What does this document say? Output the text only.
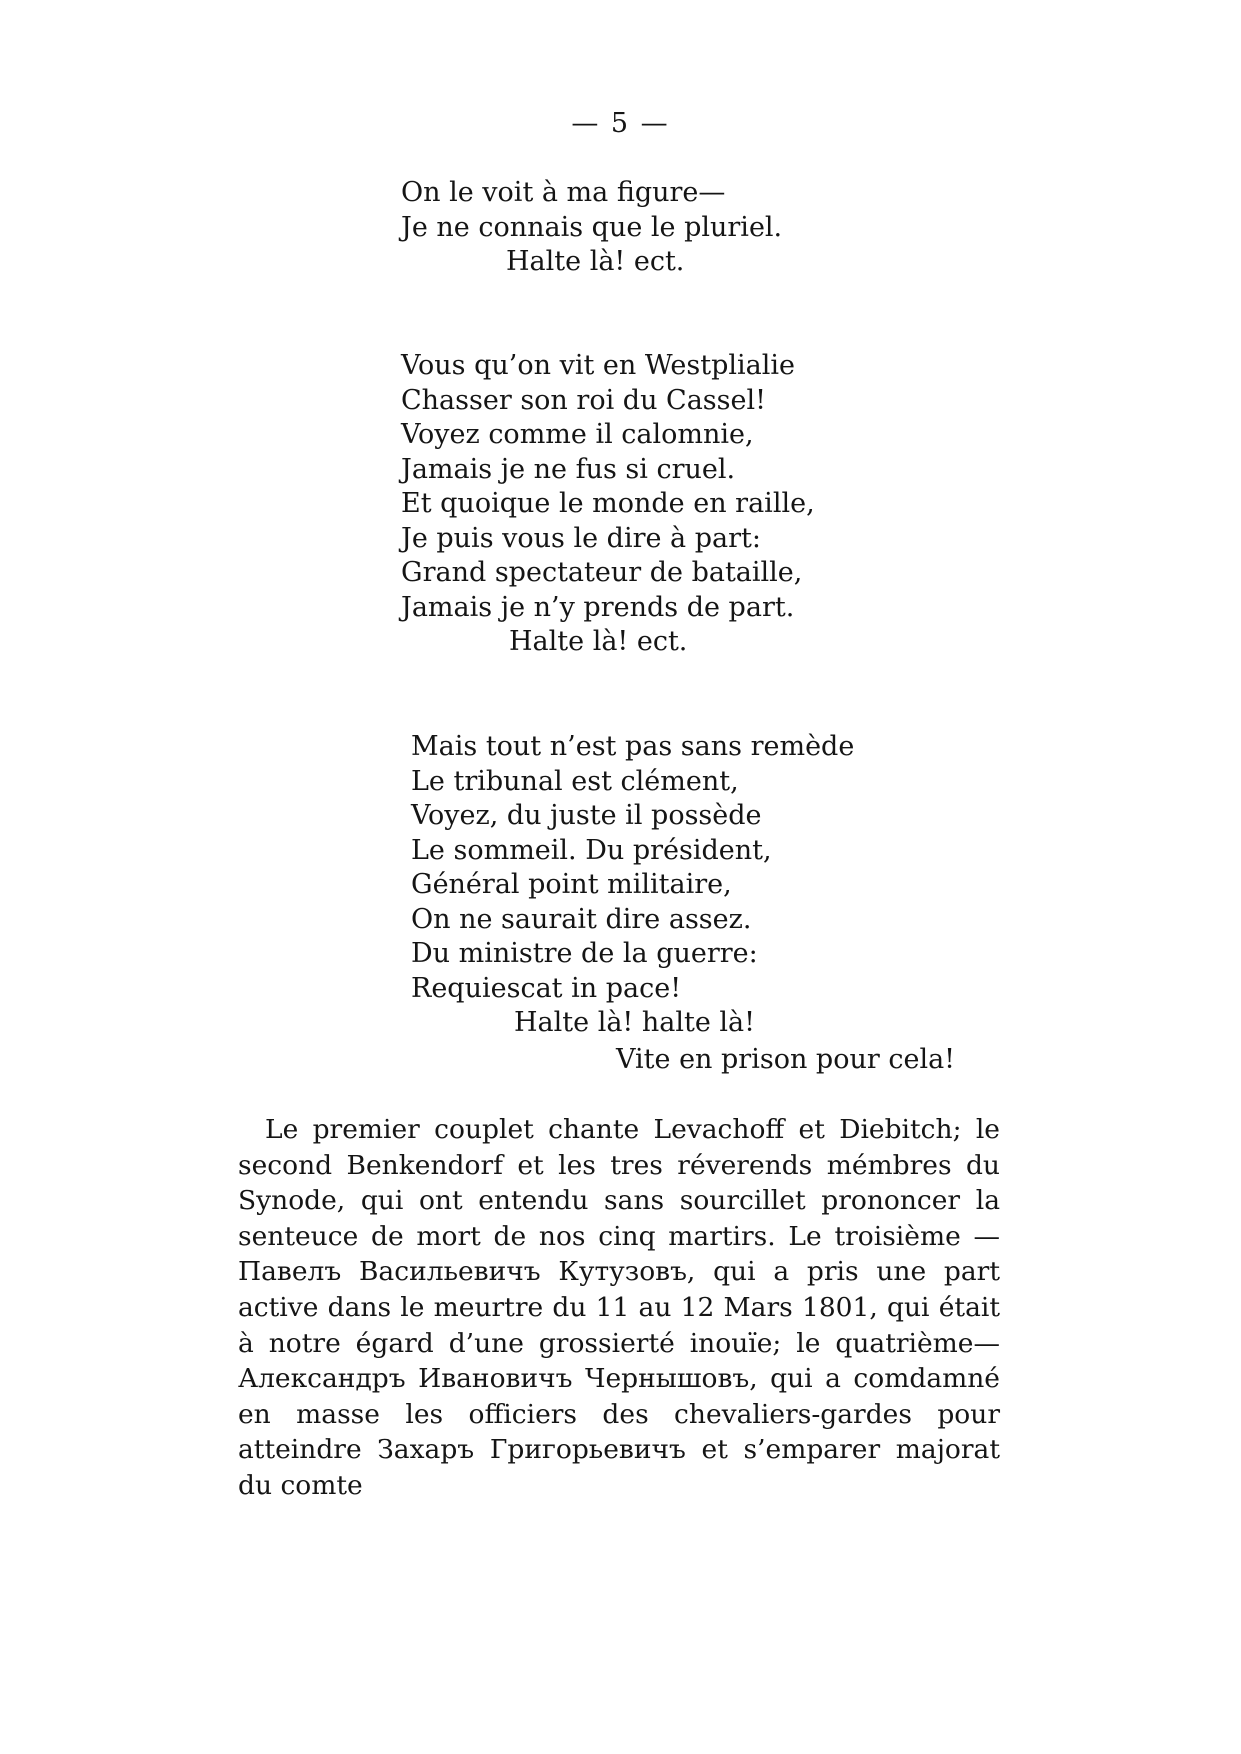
— 5 —
On le voit à ma figure—
Je ne connais que le pluriel.
Halte là! ect.
Vous qu’on vit en Westplialie
Chasser son roi du Cassel!
Voyez comme il calomnie,
Jamais je ne fus si cruel.
Et quoique le monde en raille,
Je puis vous le dire à part:
Grand spectateur de bataille,
Jamais je n’y prends de part.
Halte là! ect.
Mais tout n’est pas sans remède
Le tribunal est clément,
Voyez, du juste il possède
Le sommeil. Du président,
Général point militaire,
On ne saurait dire assez.
Du ministre de la guerre:
Requiescat in pace!
Halte là! halte là!
Vite en prison pour cela!

Le premier couplet chante Levachoff et Diebitch; le second Benkendorf et les tres réverends mémbres du Synode, qui ont entendu sans sourcillet prononcer la senteuce de mort de nos cinq martirs. Le troisième — Павелъ Васильевичъ Кутузовъ, qui a pris une part active dans le meurtre du 11 au 12 Mars 1801, qui était à notre égard d’une grossierté inouïe; le quatrième—Александръ Ивановичъ Чернышовъ, qui a comdamné en masse les officiers des chevaliers-gardes pour atteindre Захаръ Григорьевичъ et s’emparer majorat du comte
